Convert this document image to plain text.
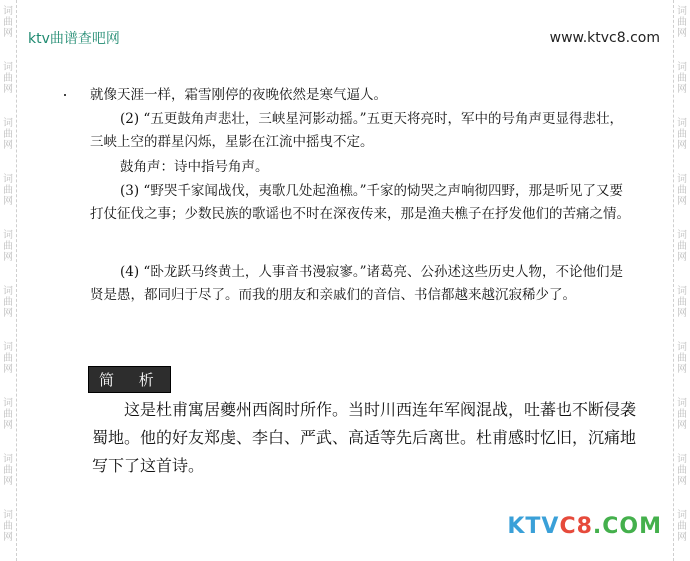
词曲网
词曲网
词曲网
词曲网
词曲网
词曲网
词曲网
词曲网
词曲网
词曲网
词曲网
词曲网
词曲网
词曲网
词曲网
词曲网
词曲网
词曲网
词曲网
词曲网
ktv曲谱查吧网	www.ktvc8.com
就像天涯一样，霜雪刚停的夜晚依然是寒气逼人。
(2) “五更鼓角声悲壮，三峡星河影动摇。”五更天将亮时，军中的号角声更显得悲壮，三峡上空的群星闪烁，星影在江流中摇曳不定。
鼓角声：诗中指号角声。
(3) “野哭千家闻战伐，夷歌几处起渔樵。”千家的恸哭之声响彻四野，那是听见了又要打仗征伐之事；少数民族的歌谣也不时在深夜传来，那是渔夫樵子在抒发他们的苦痛之情。
(4) “卧龙跃马终黄土，人事音书漫寂寥。”诸葛亮、公孙述这些历史人物，不论他们是贤是愚，都同归于尽了。而我的朋友和亲戚们的音信、书信都越来越沉寂稀少了。
简 析
这是杜甫寓居夔州西阁时所作。当时川西连年军阀混战，吐蕃也不断侵袭蜀地。他的好友郑虔、李白、严武、高适等先后离世。杜甫感时忆旧，沉痛地写下了这首诗。
KTVC8.COM
